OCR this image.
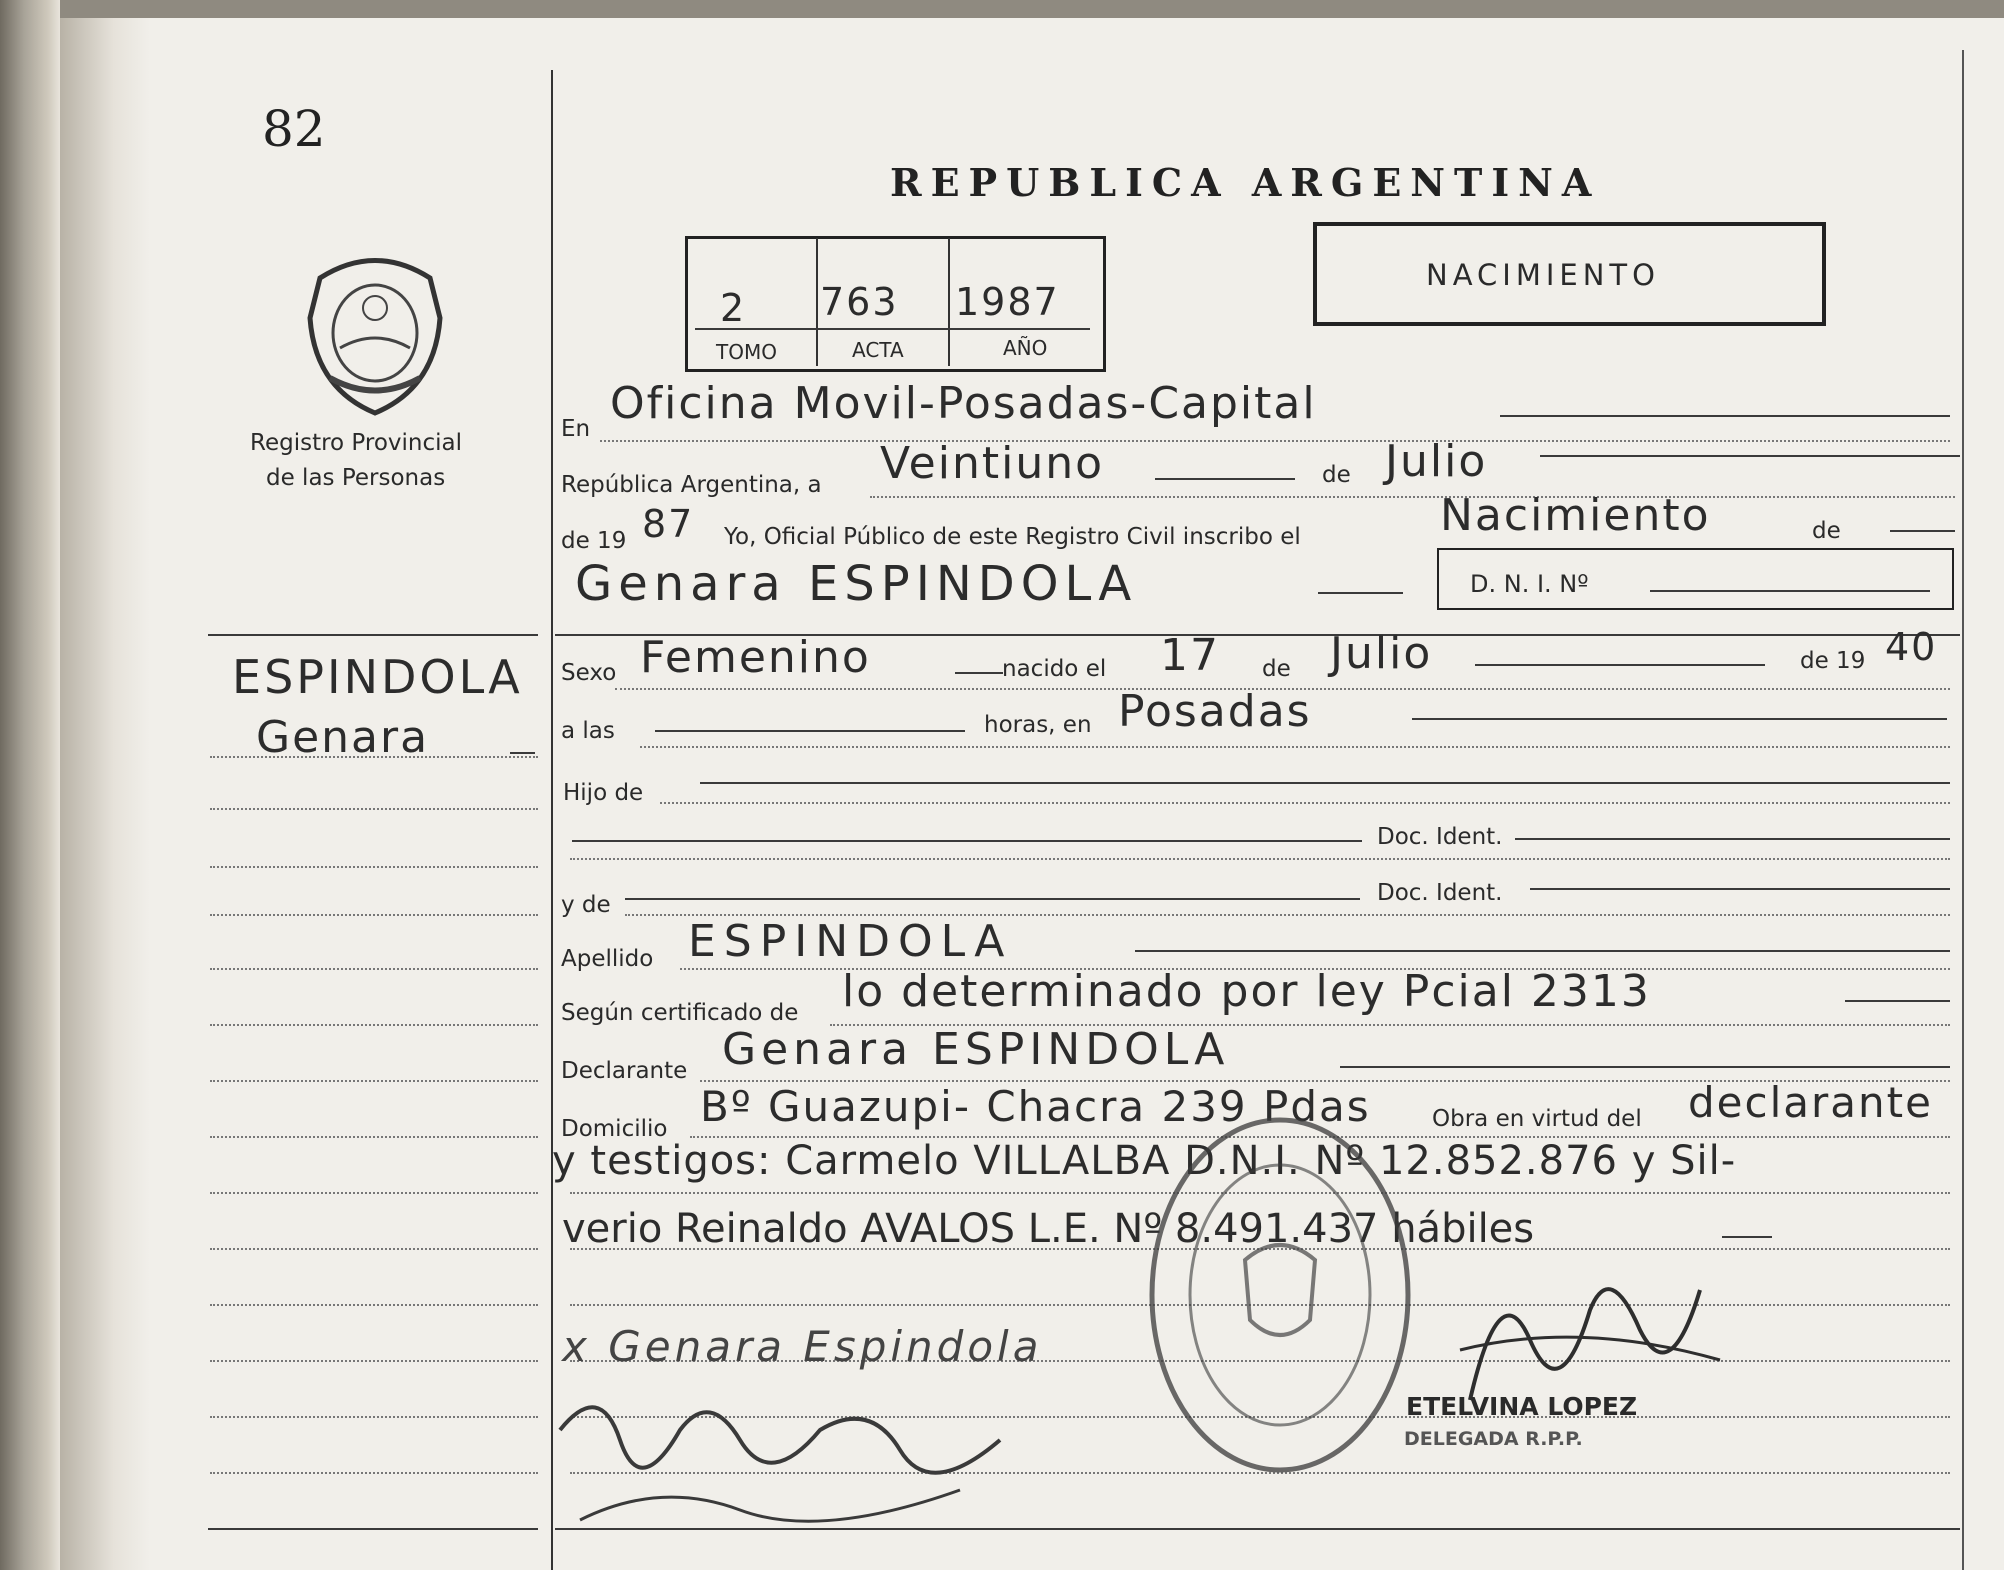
82
Registro Provincial
de las Personas
REPUBLICA ARGENTINA
2 763 1987
TOMO	ACTA	AÑO
NACIMIENTO
En Oficina Movil-Posadas-Capital
República Argentina, a Veintiuno	de Julio
de 19 87 Yo, Oficial Público de este Registro Civil inscribo el	Nacimiento	de
Genara ESPINDOLA	D. N. I. Nº
ESPINDOLA
Genara
Sexo Femenino	nacido el 17 de Julio	de 19 40
a las	horas, en Posadas
Hijo de
Doc. Ident.
y de	Doc. Ident.
Apellido ESPINDOLA
Según certificado de lo determinado por ley Pcial 2313
Declarante Genara ESPINDOLA
Domicilio Bº Guazupi- Chacra 239 Pdas	Obra en virtud del declarante
y testigos: Carmelo VILLALBA D.N.I. Nº 12.852.876 y Sil-
verio Reinaldo AVALOS L.E. Nº 8.491.437 hábiles
x Genara Espindola
ETELVINA LOPEZ
DELEGADA R.P.P.
